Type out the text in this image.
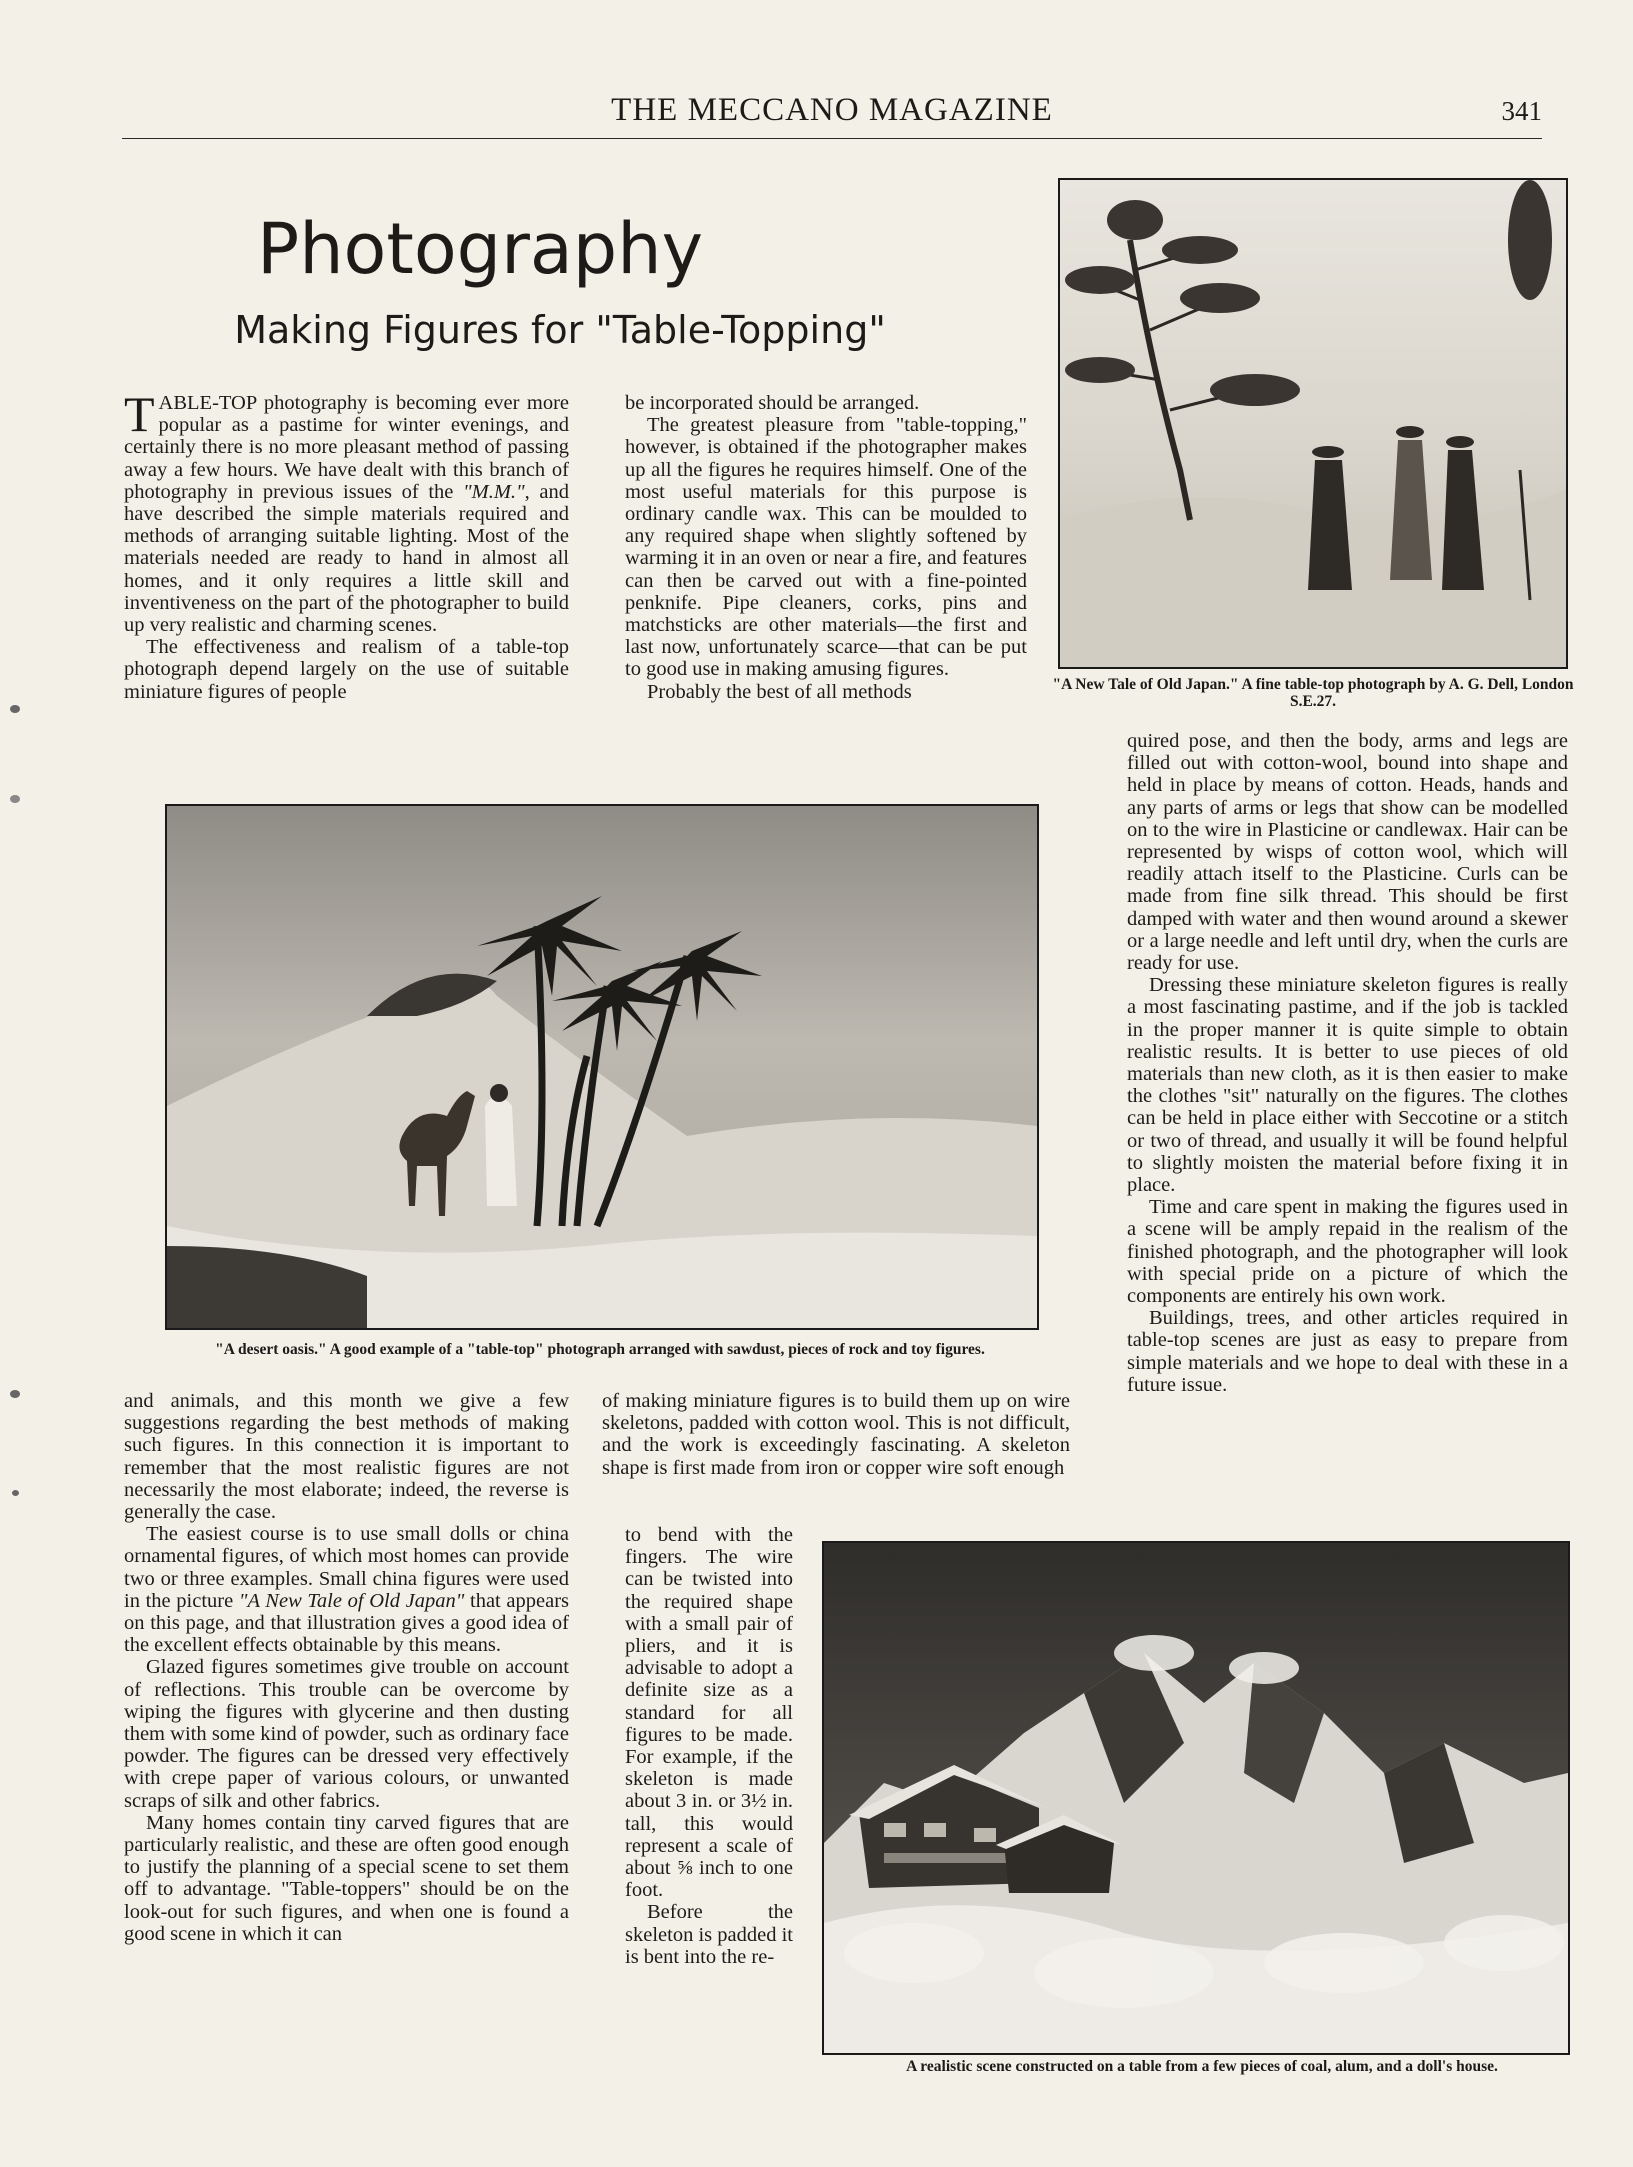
THE MECCANO MAGAZINE	341
Photography
Making Figures for "Table-Topping"

TABLE-TOP photography is becoming ever more popular as a pastime for winter evenings, and certainly there is no more pleasant method of passing away a few hours. We have dealt with this branch of photography in previous issues of the "M.M.", and have described the simple materials required and methods of arranging suitable lighting. Most of the materials needed are ready to hand in almost all homes, and it only requires a little skill and inventiveness on the part of the photographer to build up very realistic and charming scenes.

The effectiveness and realism of a table-top photograph depend largely on the use of suitable miniature figures of people

be incorporated should be arranged.

The greatest pleasure from "table-topping," however, is obtained if the photographer makes up all the figures he requires himself. One of the most useful materials for this purpose is ordinary candle wax. This can be moulded to any required shape when slightly softened by warming it in an oven or near a fire, and features can then be carved out with a fine-pointed penknife. Pipe cleaners, corks, pins and matchsticks are other materials—the first and last now, unfortunately scarce—that can be put to good use in making amusing figures.

Probably the best of all methods	"A New Tale of Old Japan." A fine table-top photograph by A. G. Dell, London S.E.27.

quired pose, and then the body, arms and legs are filled out with cotton-wool, bound into shape and held in place by means of cotton. Heads, hands and any parts of arms or legs that show can be modelled on to the wire in Plasticine or candlewax. Hair can be represented by wisps of cotton wool, which will readily attach itself to the Plasticine. Curls can be made from fine silk thread. This should be first damped with water and then wound around a skewer or a large needle and left until dry, when the curls are ready for use.

Dressing these miniature skeleton figures is really a most fascinating pastime, and if the job is tackled in the proper manner it is quite simple to obtain realistic results. It is better to use pieces of old materials than new cloth, as it is then easier to make the clothes "sit" naturally on the figures. The clothes can be held in place either with Seccotine or a stitch or two of thread, and usually it will be found helpful to slightly moisten the material before fixing it in place.

Time and care spent in making the figures used in a scene will be amply repaid in the realism of the finished photograph, and the photographer will look with special pride on a picture of which the components are entirely his own work.

Buildings, trees, and other articles required in table-top scenes are just as easy to prepare from simple materials and we hope to deal with these in a future issue.

"A desert oasis." A good example of a "table-top" photograph arranged with sawdust, pieces of rock and toy figures.

and animals, and this month we give a few suggestions regarding the best methods of making such figures. In this connection it is important to remember that the most realistic figures are not necessarily the most elaborate; indeed, the reverse is generally the case.

The easiest course is to use small dolls or china ornamental figures, of which most homes can provide two or three examples. Small china figures were used in the picture "A New Tale of Old Japan" that appears on this page, and that illustration gives a good idea of the excellent effects obtainable by this means.

Glazed figures sometimes give trouble on account of reflections. This trouble can be overcome by wiping the figures with glycerine and then dusting them with some kind of powder, such as ordinary face powder. The figures can be dressed very effectively with crepe paper of various colours, or unwanted scraps of silk and other fabrics.

Many homes contain tiny carved figures that are particularly realistic, and these are often good enough to justify the planning of a special scene to set them off to advantage. "Table-toppers" should be on the look-out for such figures, and when one is found a good scene in which it can

of making miniature figures is to build them up on wire skeletons, padded with cotton wool. This is not difficult, and the work is exceedingly fascinating. A skeleton shape is first made from iron or copper wire soft enough

to bend with the fingers. The wire can be twisted into the required shape with a small pair of pliers, and it is advisable to adopt a definite size as a standard for all figures to be made. For example, if the skeleton is made about 3 in. or 3½ in. tall, this would represent a scale of about ⅝ inch to one foot.

Before the skeleton is padded it is bent into the re-

A realistic scene constructed on a table from a few pieces of coal, alum, and a doll's house.
